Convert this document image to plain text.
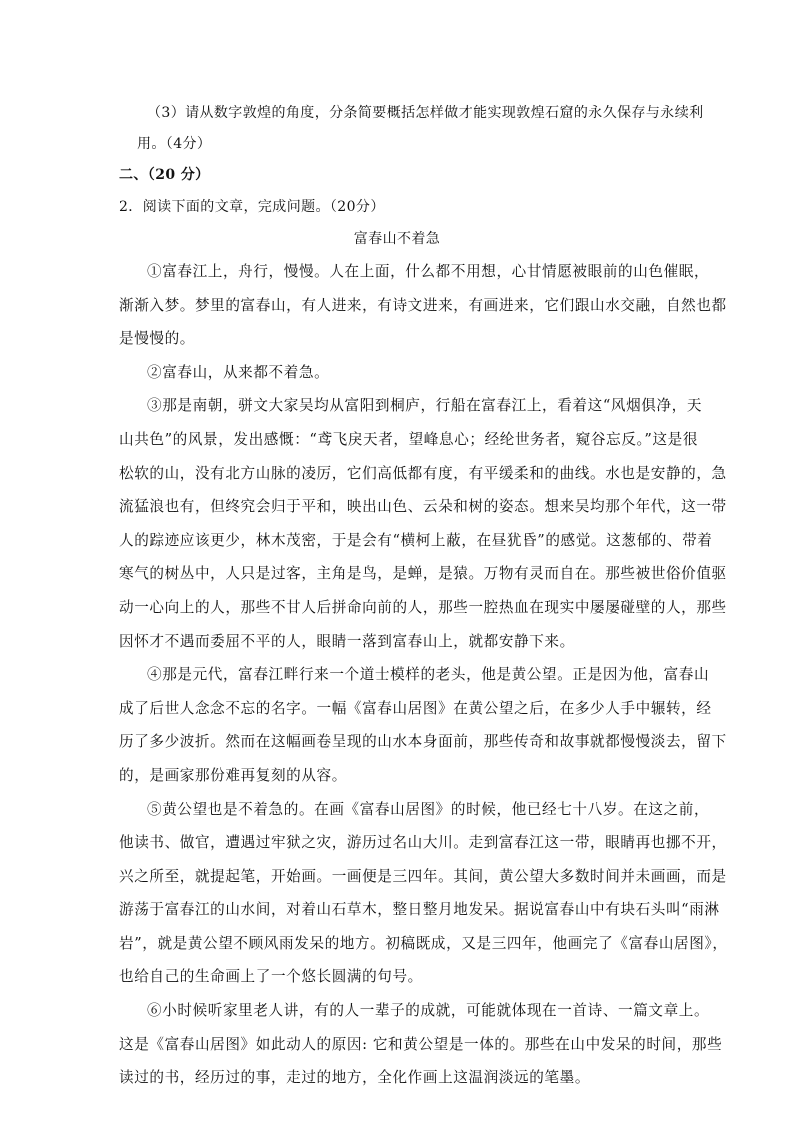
（3）请从数字敦煌的角度，分条简要概括怎样做才能实现敦煌石窟的永久保存与永续利
用。（4分）
二、（20 分）
2．阅读下面的文章，完成问题。（20分）
富春山不着急
①富春江上，舟行，慢慢。人在上面，什么都不用想，心甘情愿被眼前的山色催眠，
渐渐入梦。梦里的富春山，有人进来，有诗文进来，有画进来，它们跟山水交融，自然也都
是慢慢的。
②富春山，从来都不着急。
③那是南朝，骈文大家吴均从富阳到桐庐，行船在富春江上，看着这“风烟俱净，天
山共色”的风景，发出感慨：“鸢飞戾天者，望峰息心；经纶世务者，窥谷忘反。”这是很
松软的山，没有北方山脉的凌厉，它们高低都有度，有平缓柔和的曲线。水也是安静的，急
流猛浪也有，但终究会归于平和，映出山色、云朵和树的姿态。想来吴均那个年代，这一带
人的踪迹应该更少，林木茂密，于是会有“横柯上蔽，在昼犹昏”的感觉。这葱郁的、带着
寒气的树丛中，人只是过客，主角是鸟，是蝉，是猿。万物有灵而自在。那些被世俗价值驱
动一心向上的人，那些不甘人后拼命向前的人，那些一腔热血在现实中屡屡碰壁的人，那些
因怀才不遇而委屈不平的人，眼睛一落到富春山上，就都安静下来。
④那是元代，富春江畔行来一个道士模样的老头，他是黄公望。正是因为他，富春山
成了后世人念念不忘的名字。一幅《富春山居图》在黄公望之后，在多少人手中辗转，经
历了多少波折。然而在这幅画卷呈现的山水本身面前，那些传奇和故事就都慢慢淡去，留下
的，是画家那份难再复刻的从容。
⑤黄公望也是不着急的。在画《富春山居图》的时候，他已经七十八岁。在这之前，
他读书、做官，遭遇过牢狱之灾，游历过名山大川。走到富春江这一带，眼睛再也挪不开，
兴之所至，就提起笔，开始画。一画便是三四年。其间，黄公望大多数时间并未画画，而是
游荡于富春江的山水间，对着山石草木，整日整月地发呆。据说富春山中有块石头叫“雨淋
岩”，就是黄公望不顾风雨发呆的地方。初稿既成，又是三四年，他画完了《富春山居图》，
也给自己的生命画上了一个悠长圆满的句号。
⑥小时候听家里老人讲，有的人一辈子的成就，可能就体现在一首诗、一篇文章上。
这是《富春山居图》如此动人的原因: 它和黄公望是一体的。那些在山中发呆的时间，那些
读过的书，经历过的事，走过的地方，全化作画上这温润淡远的笔墨。
